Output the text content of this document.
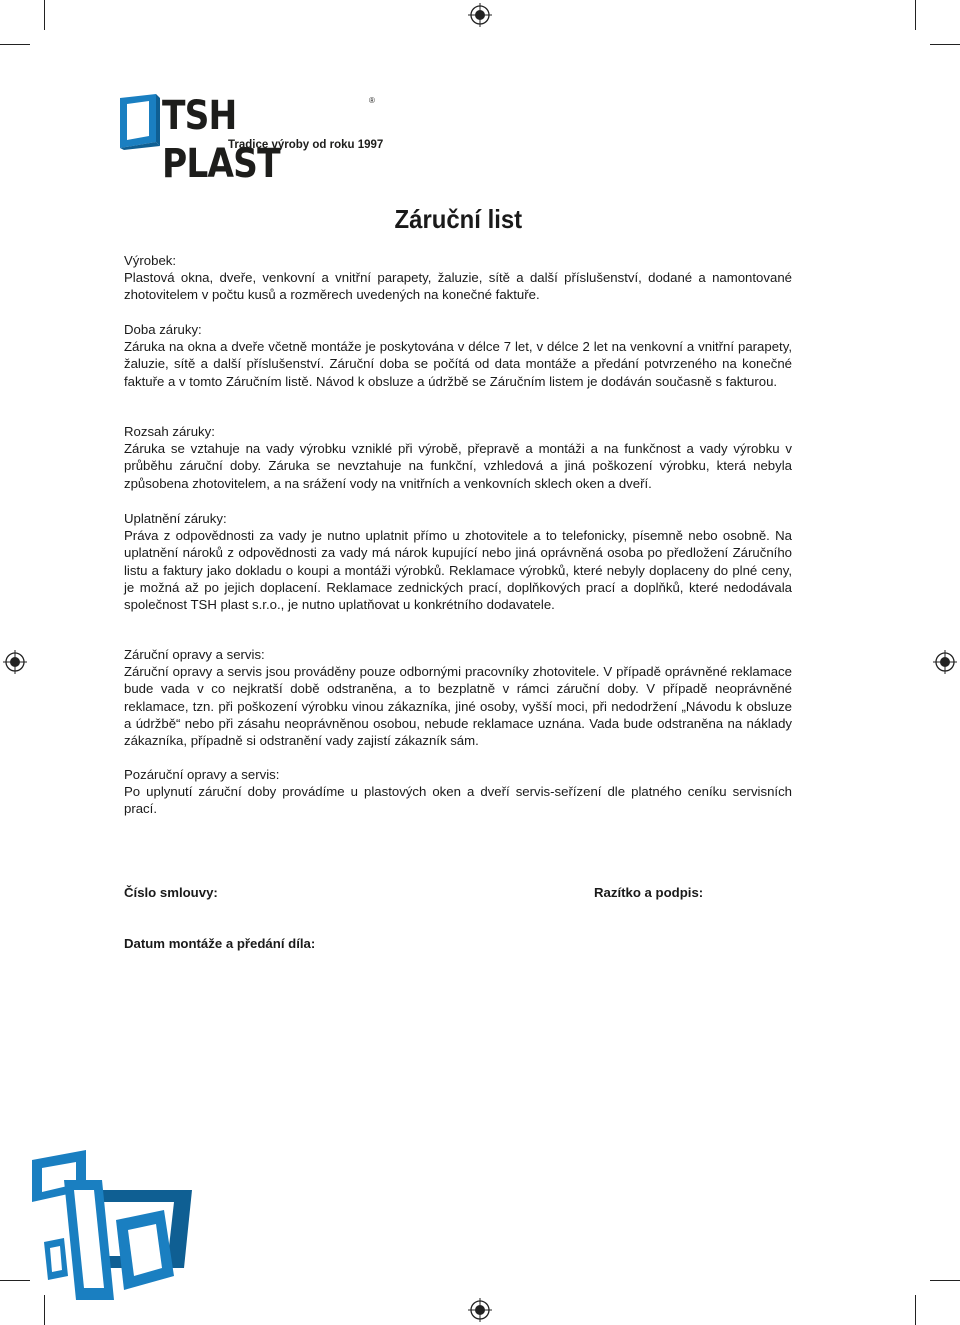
TSH PLAST
®
Tradice výroby od roku 1997
Záruční list
Výrobek:
Plastová okna, dveře, venkovní a vnitřní parapety, žaluzie, sítě a další příslušenství, dodané a namontované zhotovitelem v počtu kusů a rozměrech uvedených na konečné faktuře.
Doba záruky:
Záruka na okna a dveře včetně montáže je poskytována v délce 7 let, v délce 2 let na venkovní a vnitřní parapety, žaluzie, sítě a další příslušenství. Záruční doba se počítá od data montáže a předání potvrzeného na konečné faktuře a v tomto Záručním listě. Návod k obsluze a údržbě se Záručním listem je dodáván současně s fakturou.
Rozsah záruky:
Záruka se vztahuje na vady výrobku vzniklé při výrobě, přepravě a montáži a na funkčnost a vady výrobku v průběhu záruční doby. Záruka se nevztahuje na funkční, vzhledová a jiná poškození výrobku, která nebyla způsobena zhotovitelem, a na srážení vody na vnitřních a venkovních sklech oken a dveří.
Uplatnění záruky:
Práva z odpovědnosti za vady je nutno uplatnit přímo u zhotovitele a to telefonicky, písemně nebo osobně. Na uplatnění nároků z odpovědnosti za vady má nárok kupující nebo jiná oprávněná osoba po předložení Záručního listu a faktury jako dokladu o koupi a montáži výrobků. Reklamace výrobků, které nebyly doplaceny do plné ceny, je možná až po jejich doplacení. Reklamace zednických prací, doplňkových prací a doplňků, které nedodávala společnost TSH plast s.r.o., je nutno uplatňovat u konkrétního dodavatele.
Záruční opravy a servis:
Záruční opravy a servis jsou prováděny pouze odbornými pracovníky zhotovitele. V případě oprávněné reklamace bude vada v co nejkratší době odstraněna, a to bezplatně v rámci záruční doby. V případě neoprávněné reklamace, tzn. při poškození výrobku vinou zákazníka, jiné osoby, vyšší moci, při nedodržení „Návodu k obsluze a údržbě“ nebo při zásahu neoprávněnou osobou, nebude reklamace uznána. Vada bude odstraněna na náklady zákazníka, případně si odstranění vady zajistí zákazník sám.
Pozáruční opravy a servis:
Po uplynutí záruční doby provádíme u plastových oken a dveří servis-seřízení dle platného ceníku servisních prací.
Číslo smlouvy:	Razítko a podpis:
Datum montáže a předání díla:
